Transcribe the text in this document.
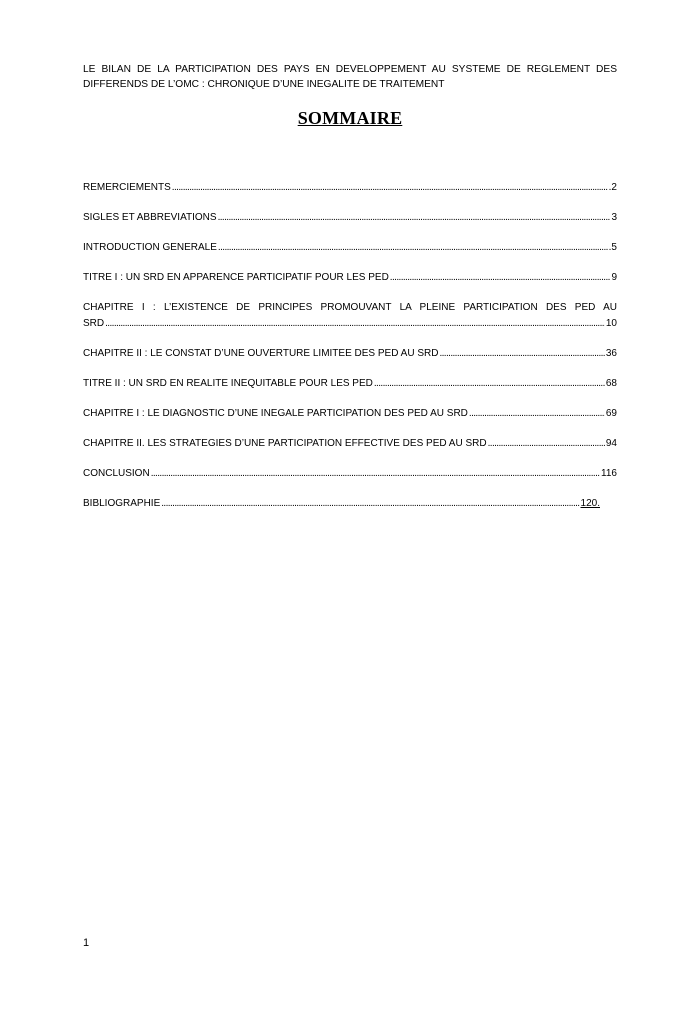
LE BILAN DE LA PARTICIPATION DES PAYS EN DEVELOPPEMENT AU SYSTEME DE REGLEMENT DES
DIFFERENDS DE L’OMC : CHRONIQUE D’UNE INEGALITE DE TRAITEMENT
SOMMAIRE
REMERCIEMENTS .....	.2
SIGLES ET ABBREVIATIONS .....	3
INTRODUCTION GENERALE .....	.5
TITRE I : UN SRD EN APPARENCE PARTICIPATIF POUR LES PED .....	9
CHAPITRE I : L’EXISTENCE DE PRINCIPES PROMOUVANT LA PLEINE PARTICIPATION DES PED AU
SRD .....	10
CHAPITRE II : LE CONSTAT D’UNE OUVERTURE LIMITEE DES PED AU SRD .....	36
TITRE II : UN SRD EN REALITE INEQUITABLE POUR LES PED .....	68
CHAPITRE I : LE DIAGNOSTIC D’UNE INEGALE PARTICIPATION DES PED AU SRD .....	69
CHAPITRE II. LES STRATEGIES D’UNE PARTICIPATION EFFECTIVE DES PED AU SRD .....	94
CONCLUSION .....	116
BIBLIOGRAPHIE .....	120.
1
